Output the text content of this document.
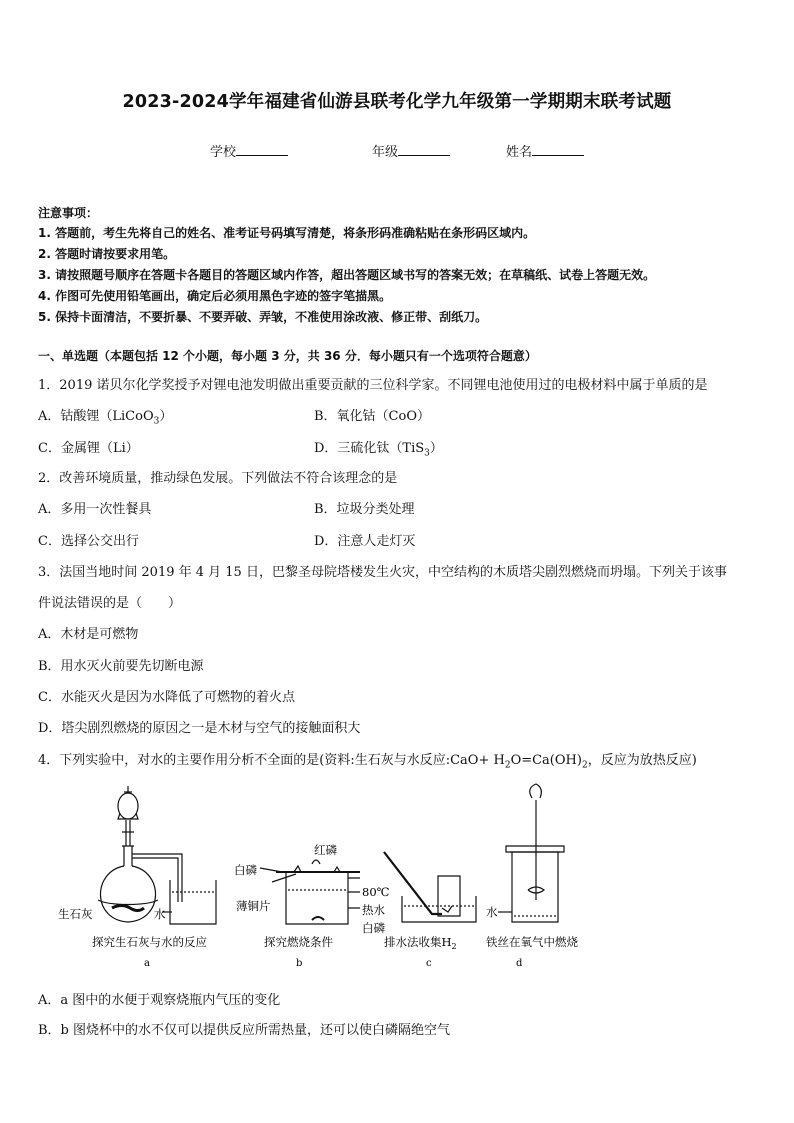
2023-2024学年福建省仙游县联考化学九年级第一学期期末联考试题
学校	年级	姓名
注意事项：
1. 答题前，考生先将自己的姓名、准考证号码填写清楚，将条形码准确粘贴在条形码区域内。
2. 答题时请按要求用笔。
3. 请按照题号顺序在答题卡各题目的答题区域内作答，超出答题区域书写的答案无效；在草稿纸、试卷上答题无效。
4. 作图可先使用铅笔画出，确定后必须用黑色字迹的签字笔描黑。
5. 保持卡面清洁，不要折暴、不要弄破、弄皱，不准使用涂改液、修正带、刮纸刀。
一、单选题（本题包括 12 个小题，每小题 3 分，共 36 分．每小题只有一个选项符合题意）
1．2019 诺贝尔化学奖授予对锂电池发明做出重要贡献的三位科学家。不同锂电池使用过的电极材料中属于单质的是
A．钴酸锂（LiCoO$_3$）	B．氧化钴（CoO）
C．金属锂（Li）	D．三硫化钛（TiS$_3$）
2．改善环境质量，推动绿色发展。下列做法不符合该理念的是
A．多用一次性餐具	B．垃圾分类处理
C．选择公交出行	D．注意人走灯灭
3．法国当地时间 2019 年 4 月 15 日，巴黎圣母院塔楼发生火灾，中空结构的木质塔尖剧烈燃烧而坍塌。下列关于该事
件说法错误的是（　　）
A．木材是可燃物
B．用水灭火前要先切断电源
C．水能灭火是因为水降低了可燃物的着火点
D．塔尖剧烈燃烧的原因之一是木材与空气的接触面积大
4．下列实验中，对水的主要作用分析不全面的是(资料:生石灰与水反应:CaO+ $H_2O=Ca(OH)_2$，反应为放热反应)
生石灰	水
探究生石灰与水的反应
a
红磷
白磷
薄铜片
80℃
热水
白磷
探究燃烧条件
b
排水法收集$H_2$
c
水
铁丝在氧气中燃烧
d
A．a 图中的水便于观察烧瓶内气压的变化
B．b 图烧杯中的水不仅可以提供反应所需热量，还可以使白磷隔绝空气
